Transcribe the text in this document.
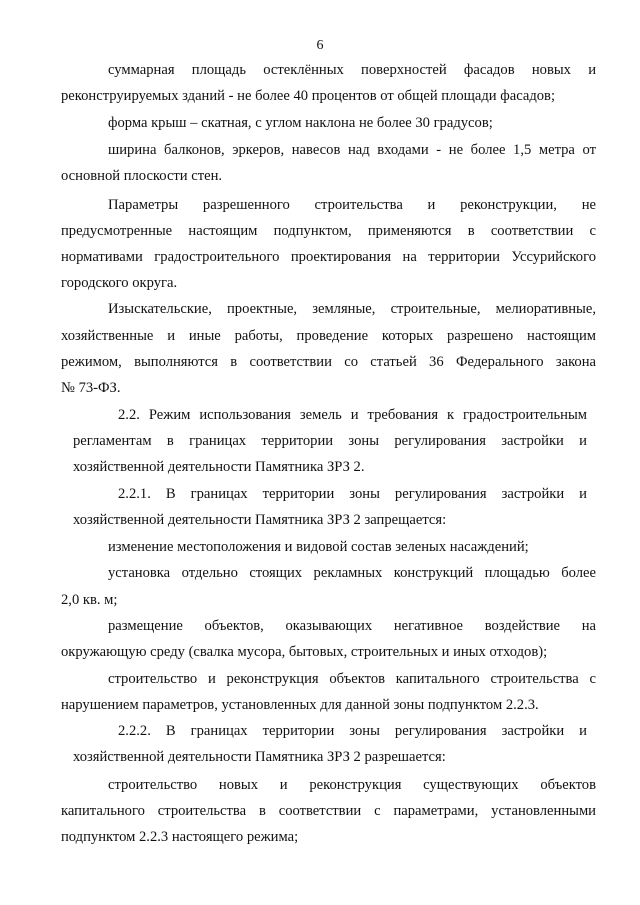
6
суммарная площадь остеклённых поверхностей фасадов новых и
реконструируемых зданий - не более 40 процентов от общей площади фасадов;
форма крыш – скатная, с углом наклона не более 30 градусов;
ширина балконов, эркеров, навесов над входами - не более 1,5 метра от
основной плоскости стен.
Параметры разрешенного строительства и реконструкции, не
предусмотренные настоящим подпунктом, применяются в соответствии с
нормативами градостроительного проектирования на территории Уссурийского
городского округа.
Изыскательские, проектные, земляные, строительные, мелиоративные,
хозяйственные и иные работы, проведение которых разрешено настоящим
режимом, выполняются в соответствии со статьей 36 Федерального закона
№ 73-ФЗ.
2.2. Режим использования земель и требования к градостроительным
регламентам в границах территории зоны регулирования застройки и
хозяйственной деятельности Памятника ЗРЗ 2.
2.2.1. В границах территории зоны регулирования застройки и
хозяйственной деятельности Памятника ЗРЗ 2 запрещается:
изменение местоположения и видовой состав зеленых насаждений;
установка отдельно стоящих рекламных конструкций площадью более
2,0 кв. м;
размещение объектов, оказывающих негативное воздействие на
окружающую среду (свалка мусора, бытовых, строительных и иных отходов);
строительство и реконструкция объектов капитального строительства с
нарушением параметров, установленных для данной зоны подпунктом 2.2.3.
2.2.2. В границах территории зоны регулирования застройки и
хозяйственной деятельности Памятника ЗРЗ 2 разрешается:
строительство новых и реконструкция существующих объектов
капитального строительства в соответствии с параметрами, установленными
подпунктом 2.2.3 настоящего режима;
